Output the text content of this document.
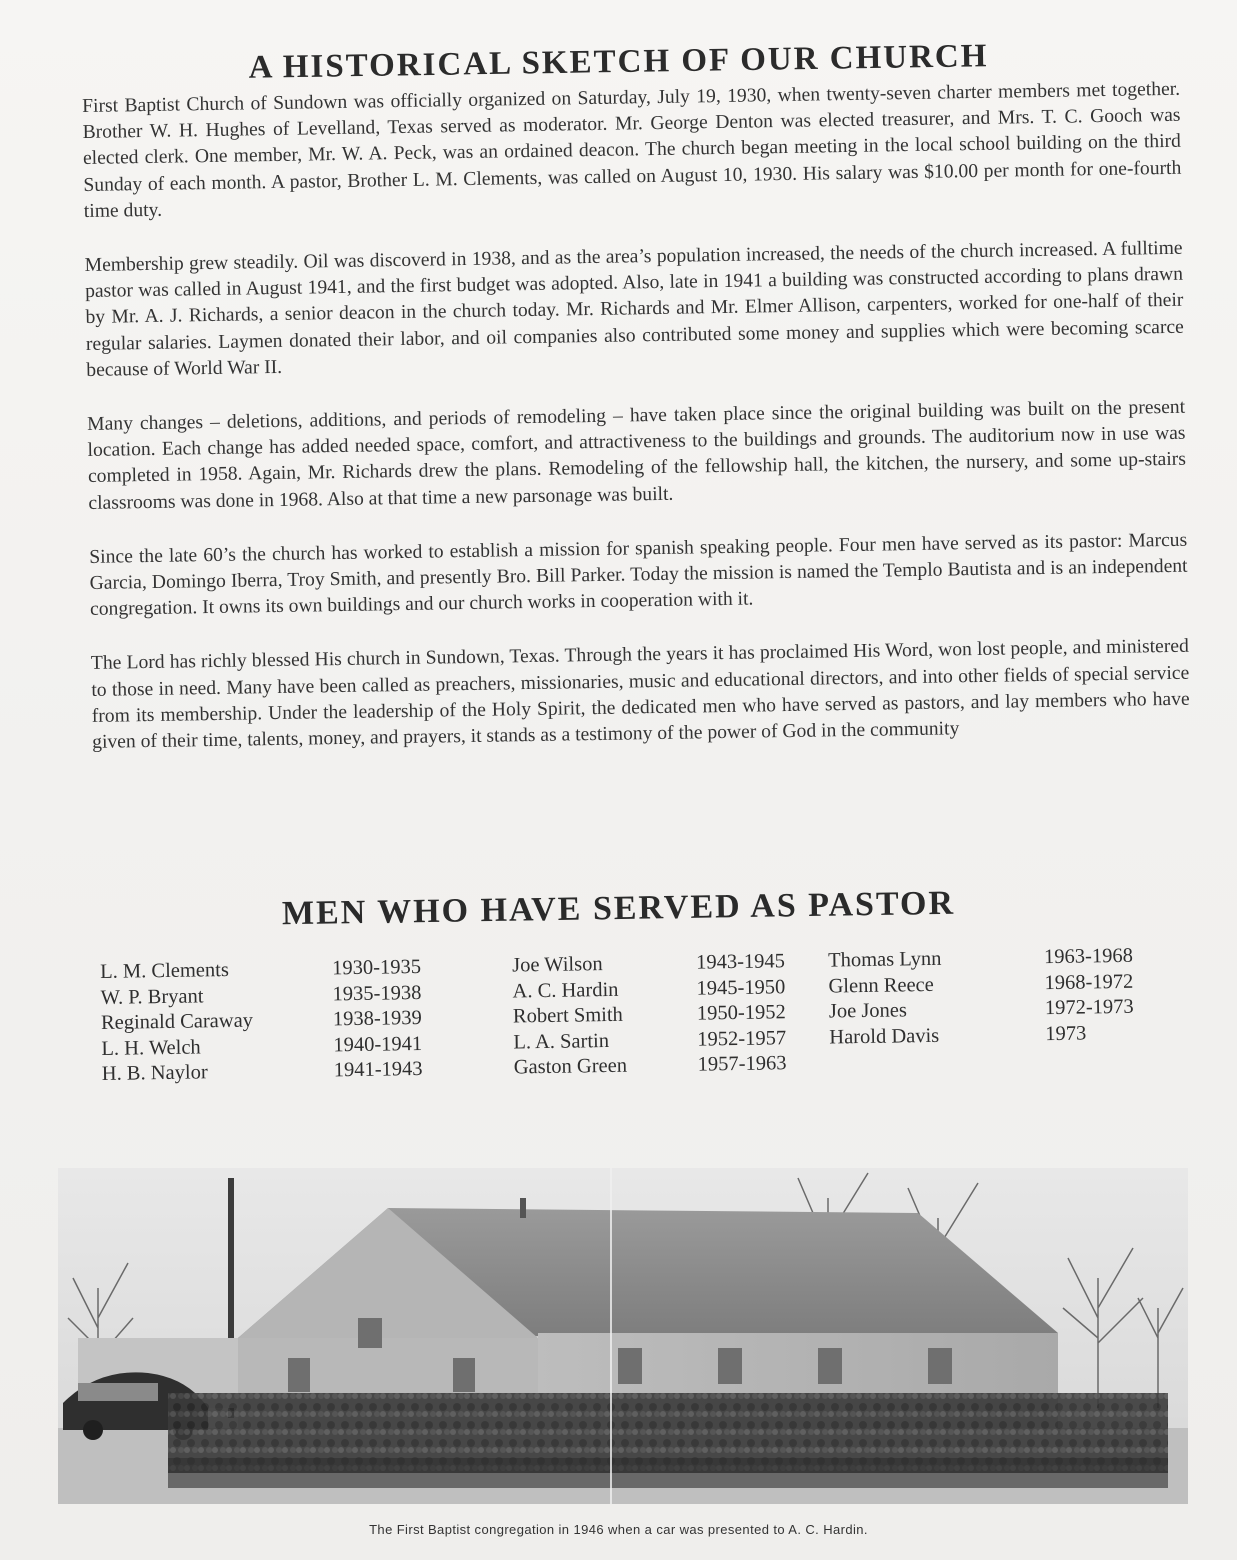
A HISTORICAL SKETCH OF OUR CHURCH

First Baptist Church of Sundown was officially organized on Saturday, July 19, 1930, when twenty-seven charter members met together. Brother W. H. Hughes of Levelland, Texas served as moderator. Mr. George Denton was elected treasurer, and Mrs. T. C. Gooch was elected clerk. One member, Mr. W. A. Peck, was an ordained deacon. The church began meeting in the local school building on the third Sunday of each month. A pastor, Brother L. M. Clements, was called on August 10, 1930. His salary was $10.00 per month for one-fourth time duty.

Membership grew steadily. Oil was discoverd in 1938, and as the area’s population increased, the needs of the church increased. A fulltime pastor was called in August 1941, and the first budget was adopted. Also, late in 1941 a building was constructed according to plans drawn by Mr. A. J. Richards, a senior deacon in the church today. Mr. Richards and Mr. Elmer Allison, carpenters, worked for one-half of their regular salaries. Laymen donated their labor, and oil companies also contributed some money and supplies which were becoming scarce because of World War II.

Many changes – deletions, additions, and periods of remodeling – have taken place since the original building was built on the present location. Each change has added needed space, comfort, and attractiveness to the buildings and grounds. The auditorium now in use was completed in 1958. Again, Mr. Richards drew the plans. Remodeling of the fellowship hall, the kitchen, the nursery, and some up-stairs classrooms was done in 1968. Also at that time a new parsonage was built.

Since the late 60’s the church has worked to establish a mission for spanish speaking people. Four men have served as its pastor: Marcus Garcia, Domingo Iberra, Troy Smith, and presently Bro. Bill Parker. Today the mission is named the Templo Bautista and is an independent congregation. It owns its own buildings and our church works in cooperation with it.

The Lord has richly blessed His church in Sundown, Texas. Through the years it has proclaimed His Word, won lost people, and ministered to those in need. Many have been called as preachers, missionaries, music and educational directors, and into other fields of special service from its membership. Under the leadership of the Holy Spirit, the dedicated men who have served as pastors, and lay members who have given of their time, talents, money, and prayers, it stands as a testimony of the power of God in the community

MEN WHO HAVE SERVED AS PASTOR
L. M. Clements
W. P. Bryant
Reginald Caraway
L. H. Welch
H. B. Naylor
1930-1935
1935-1938
1938-1939
1940-1941
1941-1943
Joe Wilson
A. C. Hardin
Robert Smith
L. A. Sartin
Gaston Green
1943-1945
1945-1950
1950-1952
1952-1957
1957-1963
Thomas Lynn
Glenn Reece
Joe Jones
Harold Davis
1963-1968
1968-1972
1972-1973
1973
The First Baptist congregation in 1946 when a car was presented to A. C. Hardin.
